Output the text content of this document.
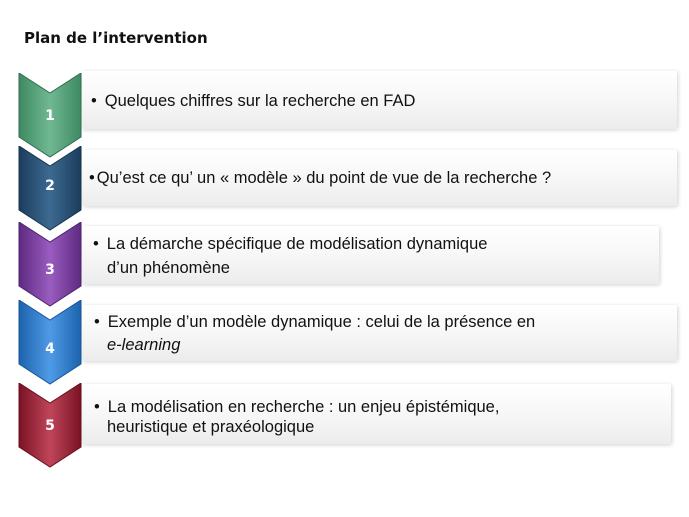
Plan de l’intervention
1
• Quelques chiffres sur la recherche en FAD
2	• Qu’est ce qu’ un « modèle » du point de vue de la recherche ?
3
• La démarche spécifique de modélisation dynamique
d’un phénomène
4
• Exemple d’un modèle dynamique : celui de la présence en
e-learning
5
• La modélisation en recherche : un enjeu épistémique,
heuristique et praxéologique
